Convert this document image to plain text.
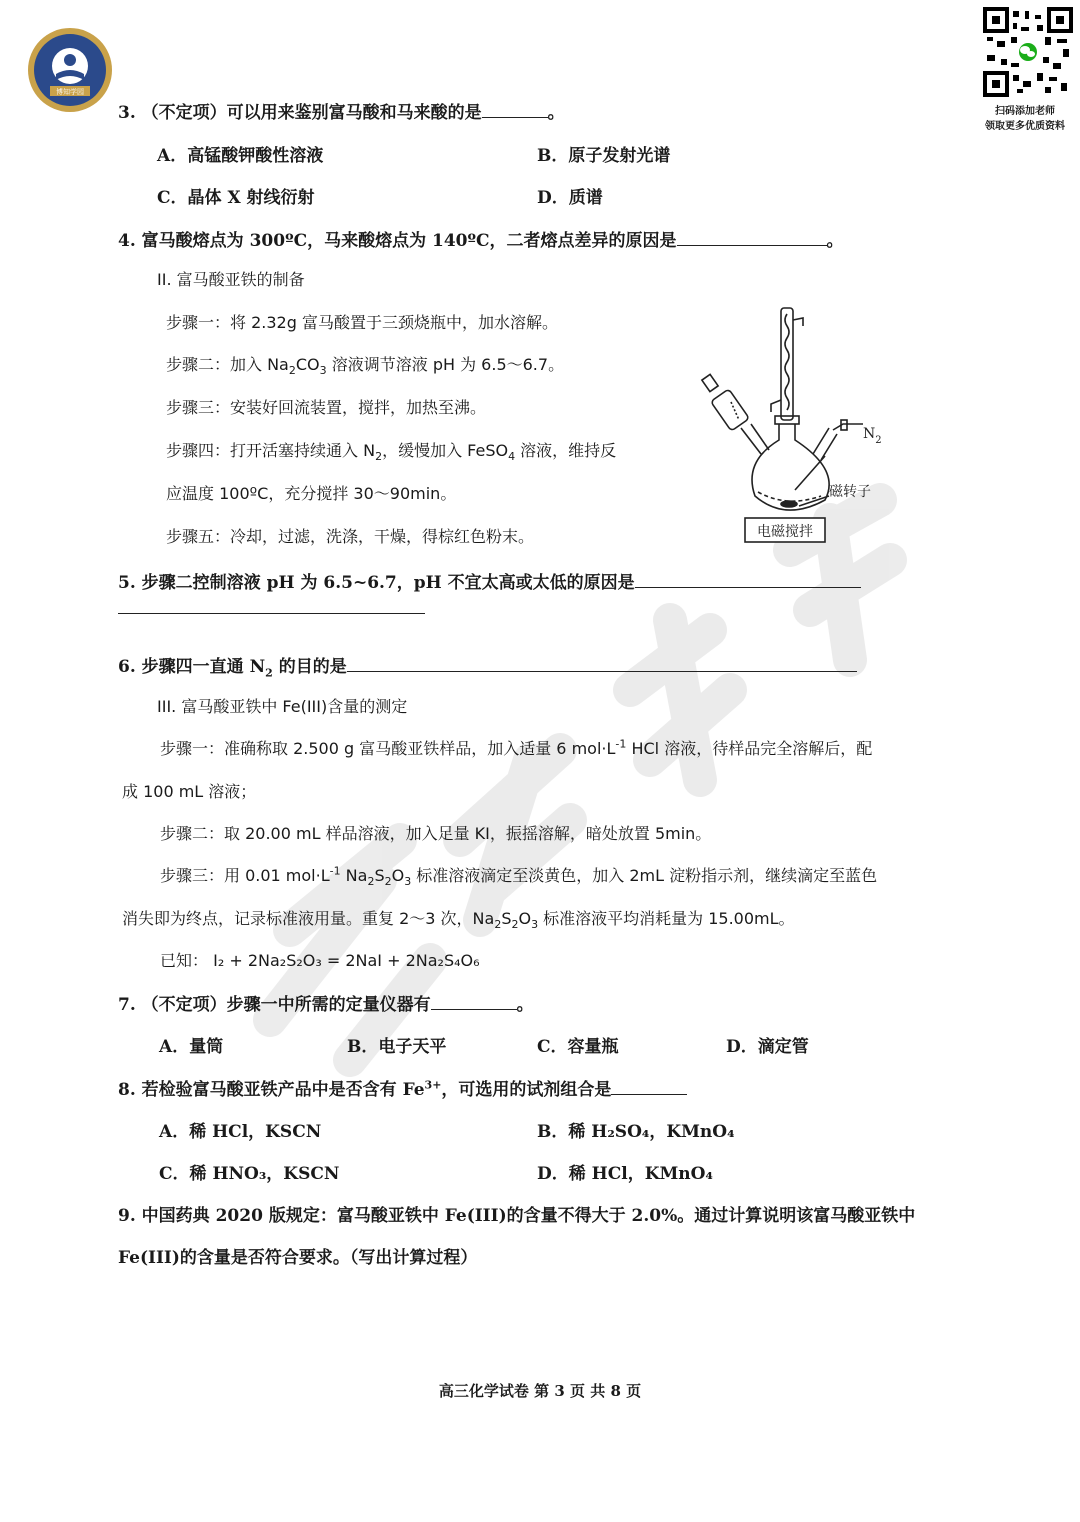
博知学园
扫码添加老师
领取更多优质资料
3. （不定项）可以用来鉴别富马酸和马来酸的是	。
A．高锰酸钾酸性溶液	B．原子发射光谱
C．晶体 X 射线衍射	D．质谱
4. 富马酸熔点为 300ºC，马来酸熔点为 140ºC，二者熔点差异的原因是	。
II. 富马酸亚铁的制备
步骤一：将 2.32g 富马酸置于三颈烧瓶中，加水溶解。
步骤二：加入 $Na_2CO_3$ 溶液调节溶液 pH 为 6.5～6.7。
步骤三：安装好回流装置，搅拌，加热至沸。
步骤四：打开活塞持续通入 $N_2$，缓慢加入 FeSO$_4$ 溶液，维持反
应温度 100ºC，充分搅拌 30～90min。
步骤五：冷却，过滤，洗涤，干燥，得棕红色粉末。
$N_2$
磁转子
电磁搅拌
5. 步骤二控制溶液 pH 为 6.5~6.7，pH 不宜太高或太低的原因是
6. 步骤四一直通 $N_2$ 的目的是
III. 富马酸亚铁中 Fe(III)含量的测定
步骤一：准确称取 2.500 g 富马酸亚铁样品，加入适量 6 $mol\cdot L^{-1}$ HCl 溶液，待样品完全溶解后，配
成 100 mL 溶液；
步骤二：取 20.00 mL 样品溶液，加入足量 KI，振摇溶解，暗处放置 5min。
步骤三：用 0.01 $mol\cdot L^{-1}$ $Na_2S_2O_3$ 标准溶液滴定至淡黄色，加入 2mL 淀粉指示剂，继续滴定至蓝色
消失即为终点，记录标准液用量。重复 2～3 次，$Na_2S_2O_3$ 标准溶液平均消耗量为 15.00mL。
已知： I₂ + 2Na₂S₂O₃ = 2NaI + 2Na₂S₄O₆
7. （不定项）步骤一中所需的定量仪器有	。
A．量筒	B．电子天平	C．容量瓶	D．滴定管
8. 若检验富马酸亚铁产品中是否含有 $Fe^{3+}$，可选用的试剂组合是
A．稀 HCl，KSCN	B．稀 H₂SO₄，KMnO₄
C．稀 HNO₃，KSCN	D．稀 HCl，KMnO₄
9. 中国药典 2020 版规定：富马酸亚铁中 Fe(III)的含量不得大于 2.0%。通过计算说明该富马酸亚铁中
Fe(III)的含量是否符合要求。（写出计算过程）
高三化学试卷 第 3 页 共 8 页
